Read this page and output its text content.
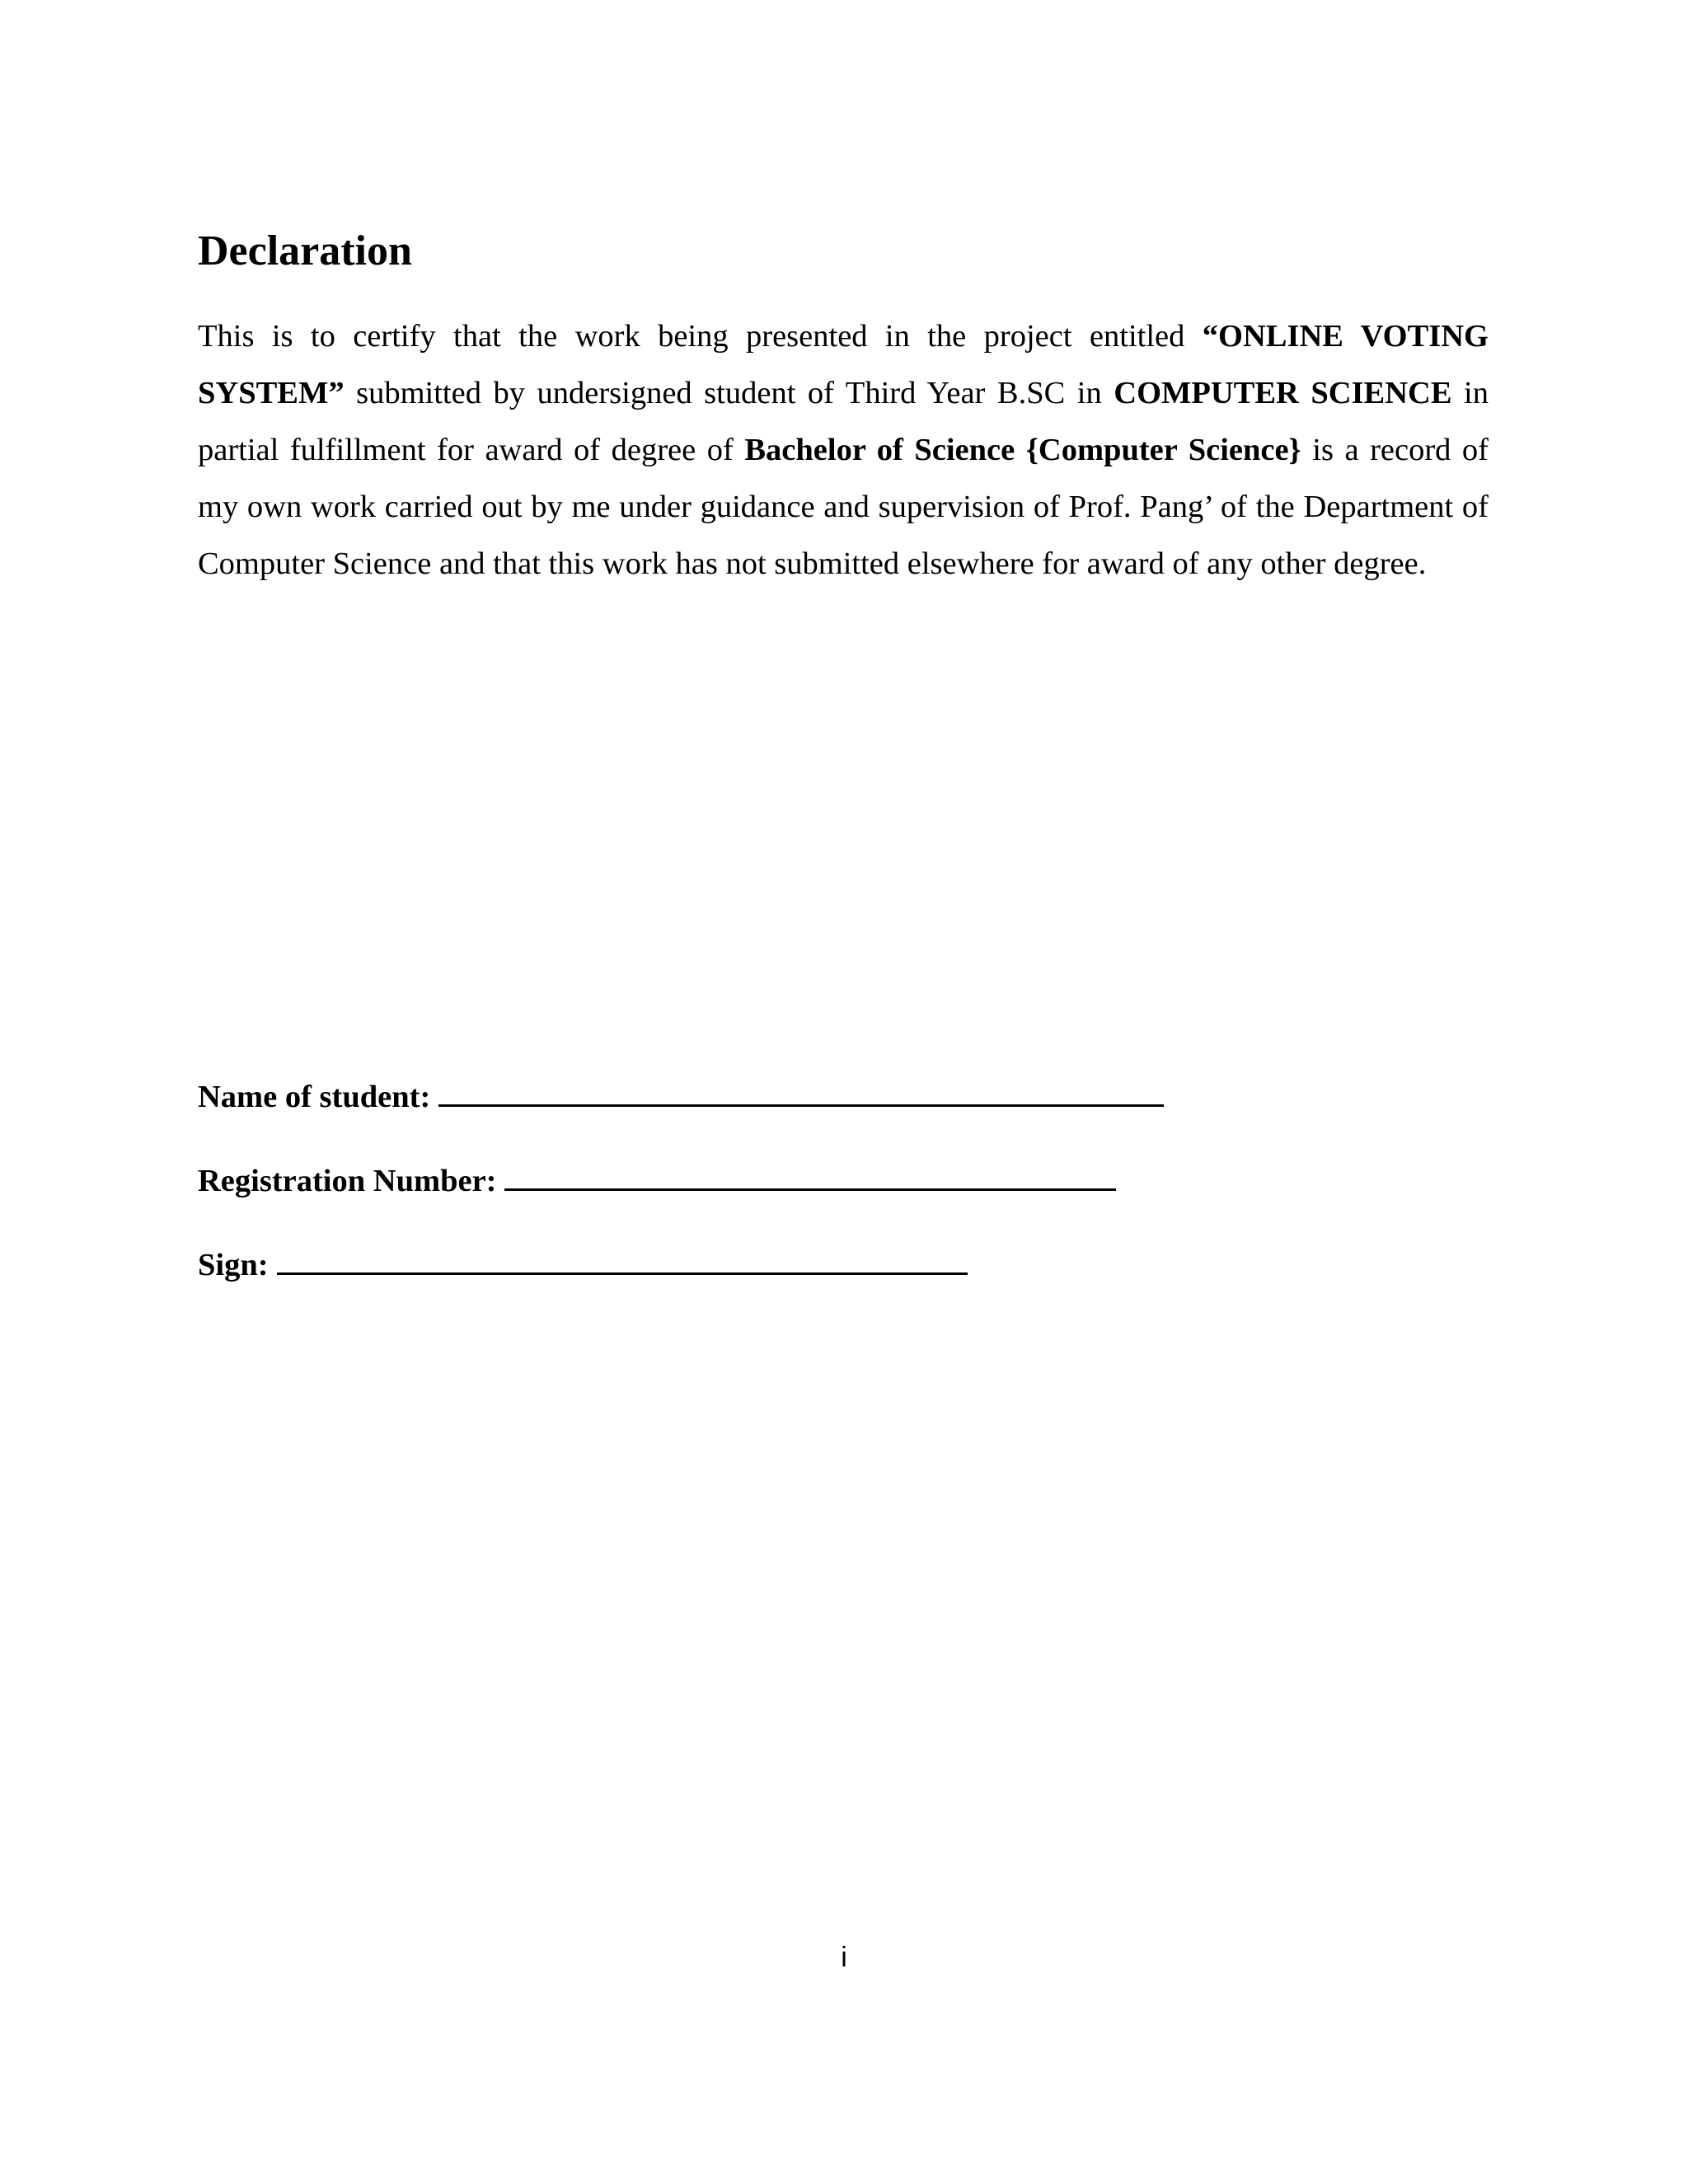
Declaration

This is to certify that the work being presented in the project entitled “ONLINE VOTING SYSTEM” submitted by undersigned student of Third Year B.SC in COMPUTER SCIENCE in partial fulfillment for award of degree of Bachelor of Science {Computer Science} is a record of my own work carried out by me under guidance and supervision of Prof. Pang’ of the Department of Computer Science and that this work has not submitted elsewhere for award of any other degree.

Name of student:
Registration Number:
Sign:
i
